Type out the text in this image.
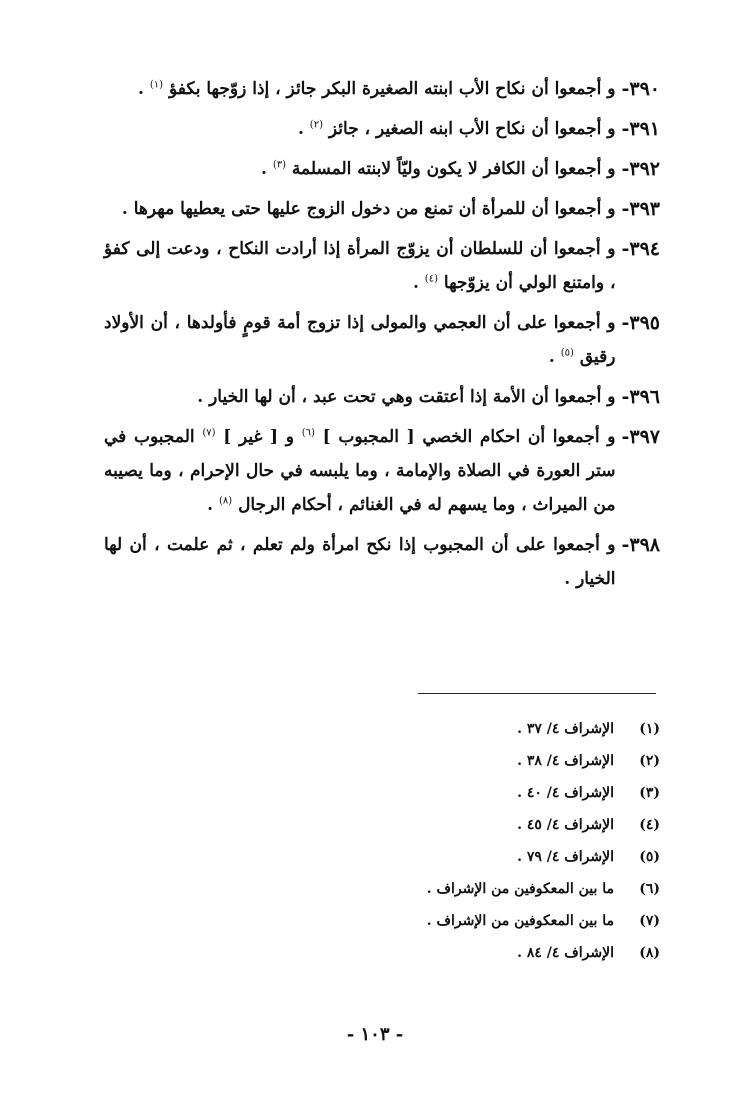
٣٩٠-
و أجمعوا أن نكاح الأب ابنته الصغيرة البكر جائز ، إذا زوّجها بكفؤ $^{(١)}$ .
٣٩١-
و أجمعوا أن نكاح الأب ابنه الصغير ، جائز $^{(٢)}$ .
٣٩٢-
و أجمعوا أن الكافر لا يكون وليّاً لابنته المسلمة $^{(٣)}$ .
٣٩٣-
و أجمعوا أن للمرأة أن تمنع من دخول الزوج عليها حتى يعطيها مهرها .
٣٩٤-
و أجمعوا أن للسلطان أن يزوّج المرأة إذا أرادت النكاح ، ودعت إلى كفؤ ، وامتنع الولي أن يزوّجها $^{(٤)}$ .
٣٩٥-
و أجمعوا على أن العجمي والمولى إذا تزوج أمة قومٍ فأولدها ، أن الأولاد رقيق $^{(٥)}$ .
٣٩٦-
و أجمعوا أن الأمة إذا أعتقت وهي تحت عبد ، أن لها الخيار .
٣٩٧-
و أجمعوا أن احكام الخصي [ المجبوب ] $^{(٦)}$ و [ غير ] $^{(٧)}$ المجبوب في ستر العورة في الصلاة والإمامة ، وما يلبسه في حال الإحرام ، وما يصيبه من الميراث ، وما يسهم له في الغنائم ، أحكام الرجال $^{(٨)}$ .
٣٩٨-
و أجمعوا على أن المجبوب إذا نكح امرأة ولم تعلم ، ثم علمت ، أن لها الخيار .
(١)
الإشراف ٤/ ٣٧ .
(٢)
الإشراف ٤/ ٣٨ .
(٣)
الإشراف ٤/ ٤٠ .
(٤)
الإشراف ٤/ ٤٥ .
(٥)
الإشراف ٤/ ٧٩ .
(٦)
ما بين المعكوفين من الإشراف .
(٧)
ما بين المعكوفين من الإشراف .
(٨)
الإشراف ٤/ ٨٤ .
- ١٠٣ -
